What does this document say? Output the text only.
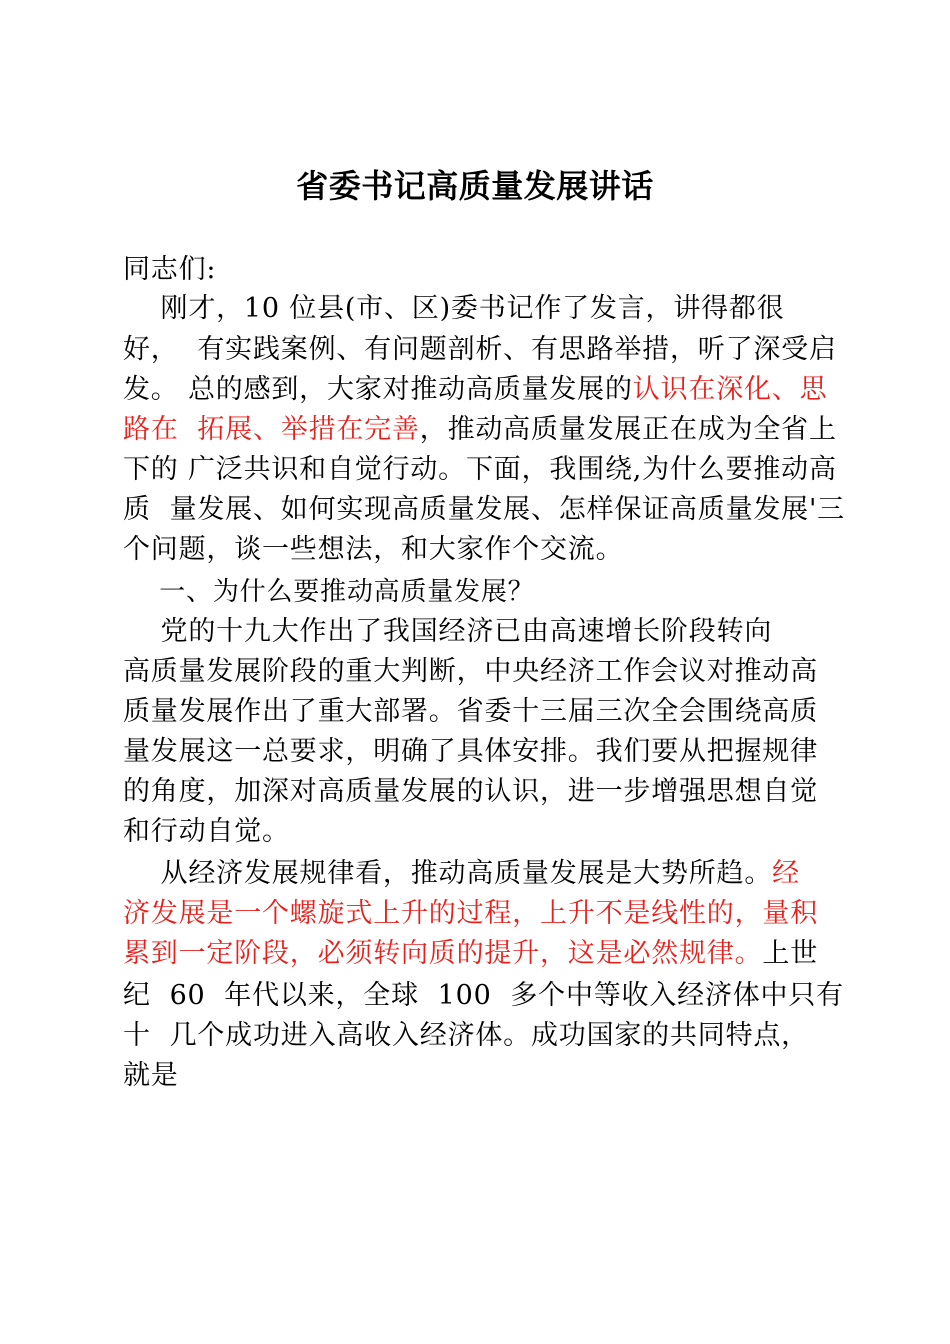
省委书记高质量发展讲话
同志们:
刚才，10 位县(市、区)委书记作了发言，讲得都很
好，  有实践案例、有问题剖析、有思路举措，听了深受启
发。 总的感到，大家对推动高质量发展的认识在深化、思
路在  拓展、举措在完善，推动高质量发展正在成为全省上
下的 广泛共识和自觉行动。下面，我围绕,为什么要推动高
质  量发展、如何实现高质量发展、怎样保证高质量发展'三
个问题，谈一些想法，和大家作个交流。
一、为什么要推动高质量发展？
党的十九大作出了我国经济已由高速增长阶段转向
高质量发展阶段的重大判断，中央经济工作会议对推动高
质量发展作出了重大部署。省委十三届三次全会围绕高质
量发展这一总要求，明确了具体安排。我们要从把握规律
的角度，加深对高质量发展的认识，进一步增强思想自觉
和行动自觉。
从经济发展规律看，推动高质量发展是大势所趋。经
济发展是一个螺旋式上升的过程，上升不是线性的，量积
累到一定阶段，必须转向质的提升，这是必然规律。上世
纪  60  年代以来，全球  100  多个中等收入经济体中只有
十  几个成功进入高收入经济体。成功国家的共同特点，
就是
